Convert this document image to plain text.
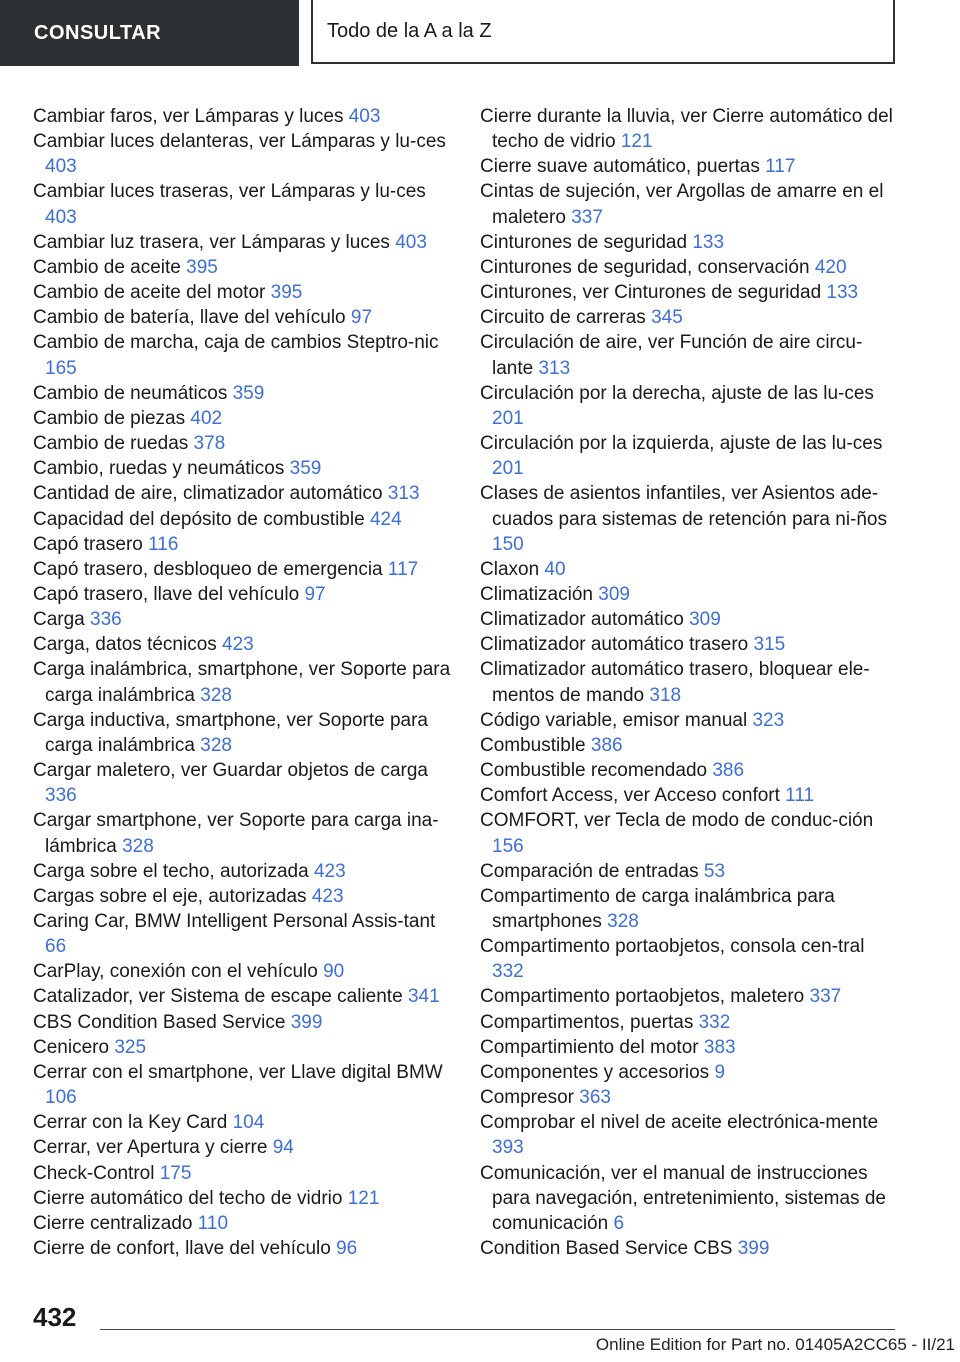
CONSULTAR	Todo de la A a la Z
Cambiar faros, ver Lámparas y luces 403
Cambiar luces delanteras, ver Lámparas y lu-ces 403
Cambiar luces traseras, ver Lámparas y lu-ces 403
Cambiar luz trasera, ver Lámparas y luces 403
Cambio de aceite 395
Cambio de aceite del motor 395
Cambio de batería, llave del vehículo 97
Cambio de marcha, caja de cambios Steptro-nic 165
Cambio de neumáticos 359
Cambio de piezas 402
Cambio de ruedas 378
Cambio, ruedas y neumáticos 359
Cantidad de aire, climatizador automático 313
Capacidad del depósito de combustible 424
Capó trasero 116
Capó trasero, desbloqueo de emergencia 117
Capó trasero, llave del vehículo 97
Carga 336
Carga, datos técnicos 423
Carga inalámbrica, smartphone, ver Soporte para carga inalámbrica 328
Carga inductiva, smartphone, ver Soporte para carga inalámbrica 328
Cargar maletero, ver Guardar objetos de carga 336
Cargar smartphone, ver Soporte para carga ina-lámbrica 328
Carga sobre el techo, autorizada 423
Cargas sobre el eje, autorizadas 423
Caring Car, BMW Intelligent Personal Assis-tant 66
CarPlay, conexión con el vehículo 90
Catalizador, ver Sistema de escape caliente 341
CBS Condition Based Service 399
Cenicero 325
Cerrar con el smartphone, ver Llave digital BMW 106
Cerrar con la Key Card 104
Cerrar, ver Apertura y cierre 94
Check-Control 175
Cierre automático del techo de vidrio 121
Cierre centralizado 110
Cierre de confort, llave del vehículo 96
Cierre durante la lluvia, ver Cierre automático del techo de vidrio 121
Cierre suave automático, puertas 117
Cintas de sujeción, ver Argollas de amarre en el maletero 337
Cinturones de seguridad 133
Cinturones de seguridad, conservación 420
Cinturones, ver Cinturones de seguridad 133
Circuito de carreras 345
Circulación de aire, ver Función de aire circu-lante 313
Circulación por la derecha, ajuste de las lu-ces 201
Circulación por la izquierda, ajuste de las lu-ces 201
Clases de asientos infantiles, ver Asientos ade-cuados para sistemas de retención para ni-ños 150
Claxon 40
Climatización 309
Climatizador automático 309
Climatizador automático trasero 315
Climatizador automático trasero, bloquear ele-mentos de mando 318
Código variable, emisor manual 323
Combustible 386
Combustible recomendado 386
Comfort Access, ver Acceso confort 111
COMFORT, ver Tecla de modo de conduc-ción 156
Comparación de entradas 53
Compartimento de carga inalámbrica para smartphones 328
Compartimento portaobjetos, consola cen-tral 332
Compartimento portaobjetos, maletero 337
Compartimentos, puertas 332
Compartimiento del motor 383
Componentes y accesorios 9
Compresor 363
Comprobar el nivel de aceite electrónica-mente 393
Comunicación, ver el manual de instrucciones para navegación, entretenimiento, sistemas de comunicación 6
Condition Based Service CBS 399
432
Online Edition for Part no. 01405A2CC65 - II/21
